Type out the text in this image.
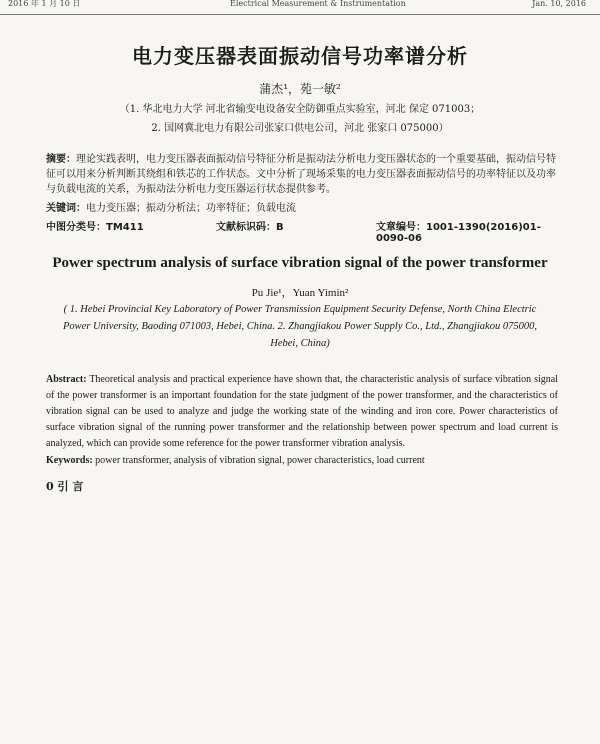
2016 年 1 月 10 日	Electrical Measurement & Instrumentation	Jan. 10, 2016
电力变压器表面振动信号功率谱分析
蒲杰¹，苑一敏²
（1. 华北电力大学 河北省输变电设备安全防御重点实验室，河北 保定 071003；
2. 国网冀北电力有限公司张家口供电公司，河北 张家口 075000）
摘要：理论实践表明，电力变压器表面振动信号特征分析是振动法分析电力变压器状态的一个重要基础，振动信号特征可以用来分析判断其绕组和铁芯的工作状态。文中分析了现场采集的电力变压器表面振动信号的功率特征以及功率与负载电流的关系，为振动法分析电力变压器运行状态提供参考。
关键词：电力变压器；振动分析法；功率特征；负载电流
中图分类号：TM411	文献标识码：B	文章编号：1001-1390(2016)01-0090-06
Power spectrum analysis of surface vibration signal of the power transformer
Pu Jie¹，Yuan Yimin²
( 1. Hebei Provincial Key Laboratory of Power Transmission Equipment Security Defense, North China Electric Power University, Baoding 071003, Hebei, China. 2. Zhangjiakou Power Supply Co., Ltd., Zhangjiakou 075000, Hebei, China)
Abstract: Theoretical analysis and practical experience have shown that, the characteristic analysis of surface vibration signal of the power transformer is an important foundation for the state judgment of the power transformer, and the characteristics of vibration signal can be used to analyze and judge the working state of the winding and iron core. Power characteristics of surface vibration signal of the running power transformer and the relationship between power spectrum and load current is analyzed, which can provide some reference for the power transformer vibration analysis.
Keywords: power transformer, analysis of vibration signal, power characteristics, load current
0 引 言
